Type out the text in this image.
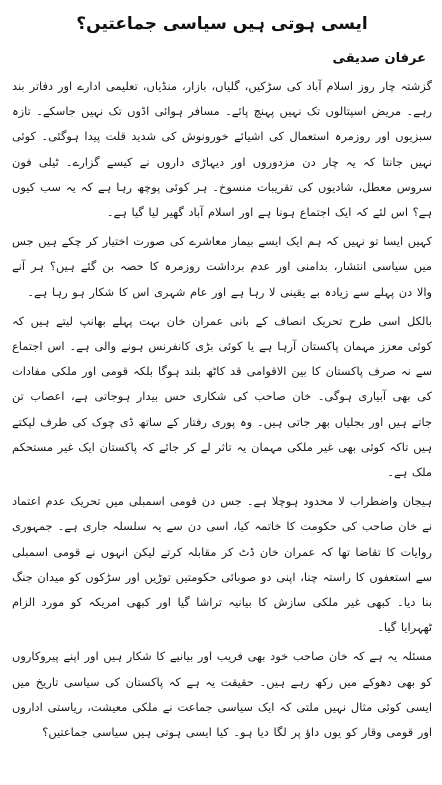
ایسی ہوتی ہیں سیاسی جماعتیں؟
عرفان صدیقی

گزشتہ چار روز اسلام آباد کی سڑکیں، گلیاں، بازار، منڈیاں، تعلیمی ادارے اور دفاتر بند رہے۔ مریض اسپتالوں تک نہیں پہنچ پائے۔ مسافر ہوائی اڈوں تک نہیں جاسکے۔ تازہ سبزیوں اور روزمرہ استعمال کی اشیائے خورونوش کی شدید قلت پیدا ہوگئی۔ کوئی نہیں جانتا کہ یہ چار دن مزدوروں اور دیہاڑی داروں نے کیسے گزارے۔ ٹیلی فون سروس معطل، شادیوں کی تقریبات منسوخ۔ ہر کوئی پوچھ رہا ہے کہ یہ سب کیوں ہے؟ اس لئے کہ ایک اجتماع ہونا ہے اور اسلام آباد گھیر لیا گیا ہے۔

کہیں ایسا تو نہیں کہ ہم ایک ایسے بیمار معاشرے کی صورت اختیار کر چکے ہیں جس میں سیاسی انتشار، بدامنی اور عدم برداشت روزمرہ کا حصہ بن گئے ہیں؟ ہر آنے والا دن پہلے سے زیادہ بے یقینی لا رہا ہے اور عام شہری اس کا شکار ہو رہا ہے۔

بالکل اسی طرح تحریک انصاف کے بانی عمران خان بہت پہلے بھانپ لیتے ہیں کہ کوئی معزز مہمان پاکستان آرہا ہے یا کوئی بڑی کانفرنس ہونے والی ہے۔ اس اجتماع سے نہ صرف پاکستان کا بین الاقوامی قد کاٹھ بلند ہوگا بلکہ قومی اور ملکی مفادات کی بھی آبیاری ہوگی۔ خان صاحب کی شکاری حس بیدار ہوجاتی ہے، اعصاب تن جاتے ہیں اور بجلیاں بھر جاتی ہیں۔ وہ پوری رفتار کے ساتھ ڈی چوک کی طرف لپکتے ہیں تاکہ کوئی بھی غیر ملکی مہمان یہ تاثر لے کر جائے کہ پاکستان ایک غیر مستحکم ملک ہے۔

ہیجان واضطراب لا محدود ہوچلا ہے۔ جس دن قومی اسمبلی میں تحریک عدم اعتماد نے خان صاحب کی حکومت کا خاتمہ کیا، اسی دن سے یہ سلسلہ جاری ہے۔ جمہوری روایات کا تقاضا تھا کہ عمران خان ڈٹ کر مقابلہ کرتے لیکن انہوں نے قومی اسمبلی سے استعفوں کا راستہ چنا، اپنی دو صوبائی حکومتیں توڑیں اور سڑکوں کو میدان جنگ بنا دیا۔ کبھی غیر ملکی سازش کا بیانیہ تراشا گیا اور کبھی امریکہ کو مورد الزام ٹھہرایا گیا۔

مسئلہ یہ ہے کہ خان صاحب خود بھی فریب اور بیانیے کا شکار ہیں اور اپنے پیروکاروں کو بھی دھوکے میں رکھ رہے ہیں۔ حقیقت یہ ہے کہ پاکستان کی سیاسی تاریخ میں ایسی کوئی مثال نہیں ملتی کہ ایک سیاسی جماعت نے ملکی معیشت، ریاستی اداروں اور قومی وقار کو یوں داؤ پر لگا دیا ہو۔ کیا ایسی ہوتی ہیں سیاسی جماعتیں؟
